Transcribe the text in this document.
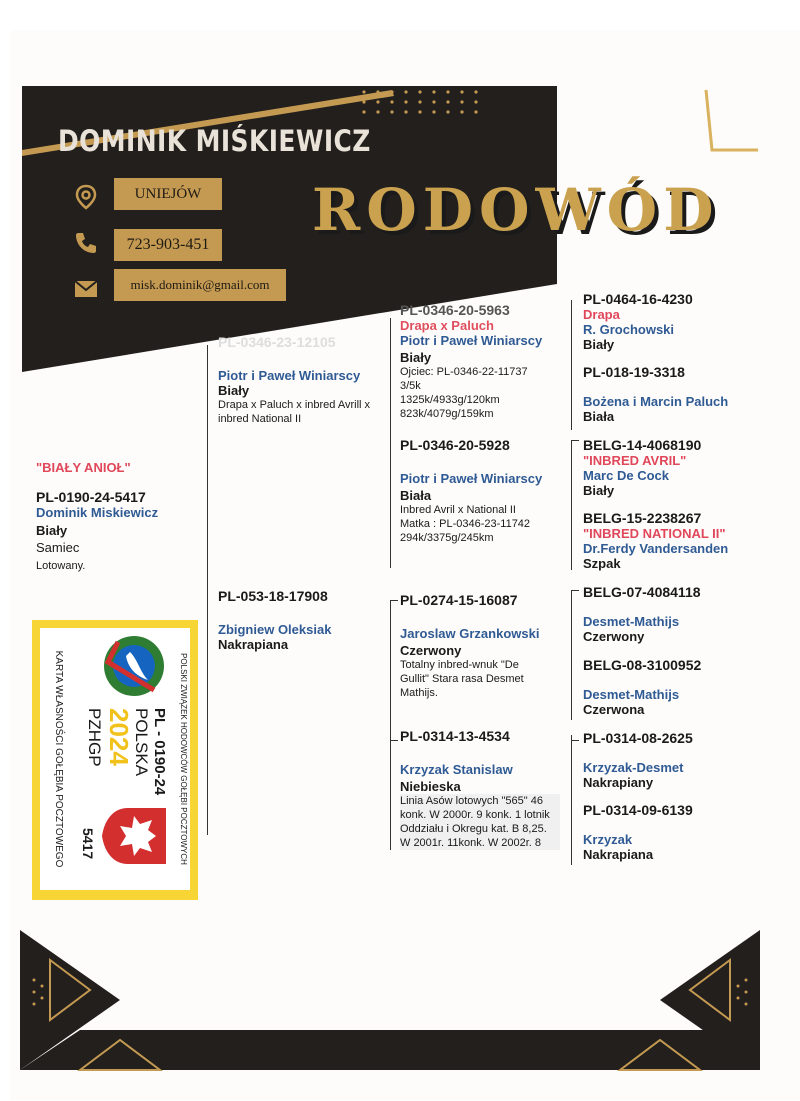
DOMINIK MIŚKIEWICZ
UNIEJÓW
723-903-451
misk.dominik@gmail.com
RODOWÓD
"BIAŁY ANIOŁ"
PL-0190-24-5417
Dominik Miskiewicz
Biały
Samiec
Lotowany.
PL-0346-23-12105
Piotr i Paweł Winiarscy
Biały
Drapa x Paluch x inbred Avrill x inbred National II
PL-053-18-17908
Zbigniew Oleksiak
Nakrapiana
PL-0346-20-5963
Drapa x Paluch
Piotr i Paweł Winiarscy
Biały
Ojciec: PL-0346-22-11737
3/5k
1325k/4933g/120km
823k/4079g/159km
PL-0346-20-5928
Piotr i Paweł Winiarscy
Biała
Inbred Avril x National II
Matka : PL-0346-23-11742
294k/3375g/245km
PL-0274-15-16087
Jaroslaw Grzankowski
Czerwony
Totalny inbred-wnuk "De Gullit" Stara rasa Desmet Mathijs.
PL-0314-13-4534
Krzyzak Stanislaw
Niebieska
Linia Asów lotowych "565" 46 konk. W 2000r. 9 konk. 1 lotnik Oddziału i Okregu kat. B 8,25. W 2001r. 11konk. W 2002r. 8
PL-0464-16-4230
Drapa
R. Grochowski
Biały
PL-018-19-3318
Bożena i Marcin Paluch
Biała
BELG-14-4068190
"INBRED AVRIL"
Marc De Cock
Biały
BELG-15-2238267
"INBRED NATIONAL II"
Dr.Ferdy Vandersanden
Szpak
BELG-07-4084118
Desmet-Mathijs
Czerwony
BELG-08-3100952
Desmet-Mathijs
Czerwona
PL-0314-08-2625
Krzyzak-Desmet
Nakrapiany
PL-0314-09-6139
Krzyzak
Nakrapiana
POLSKI ZWIĄZEK HODOWCÓW GOŁĘBI POCZTOWYCH
PL - 0190-24
POLSKA
2024
PZHGP
5417
KARTA WŁASNOŚCI GOŁĘBIA POCZTOWEGO
